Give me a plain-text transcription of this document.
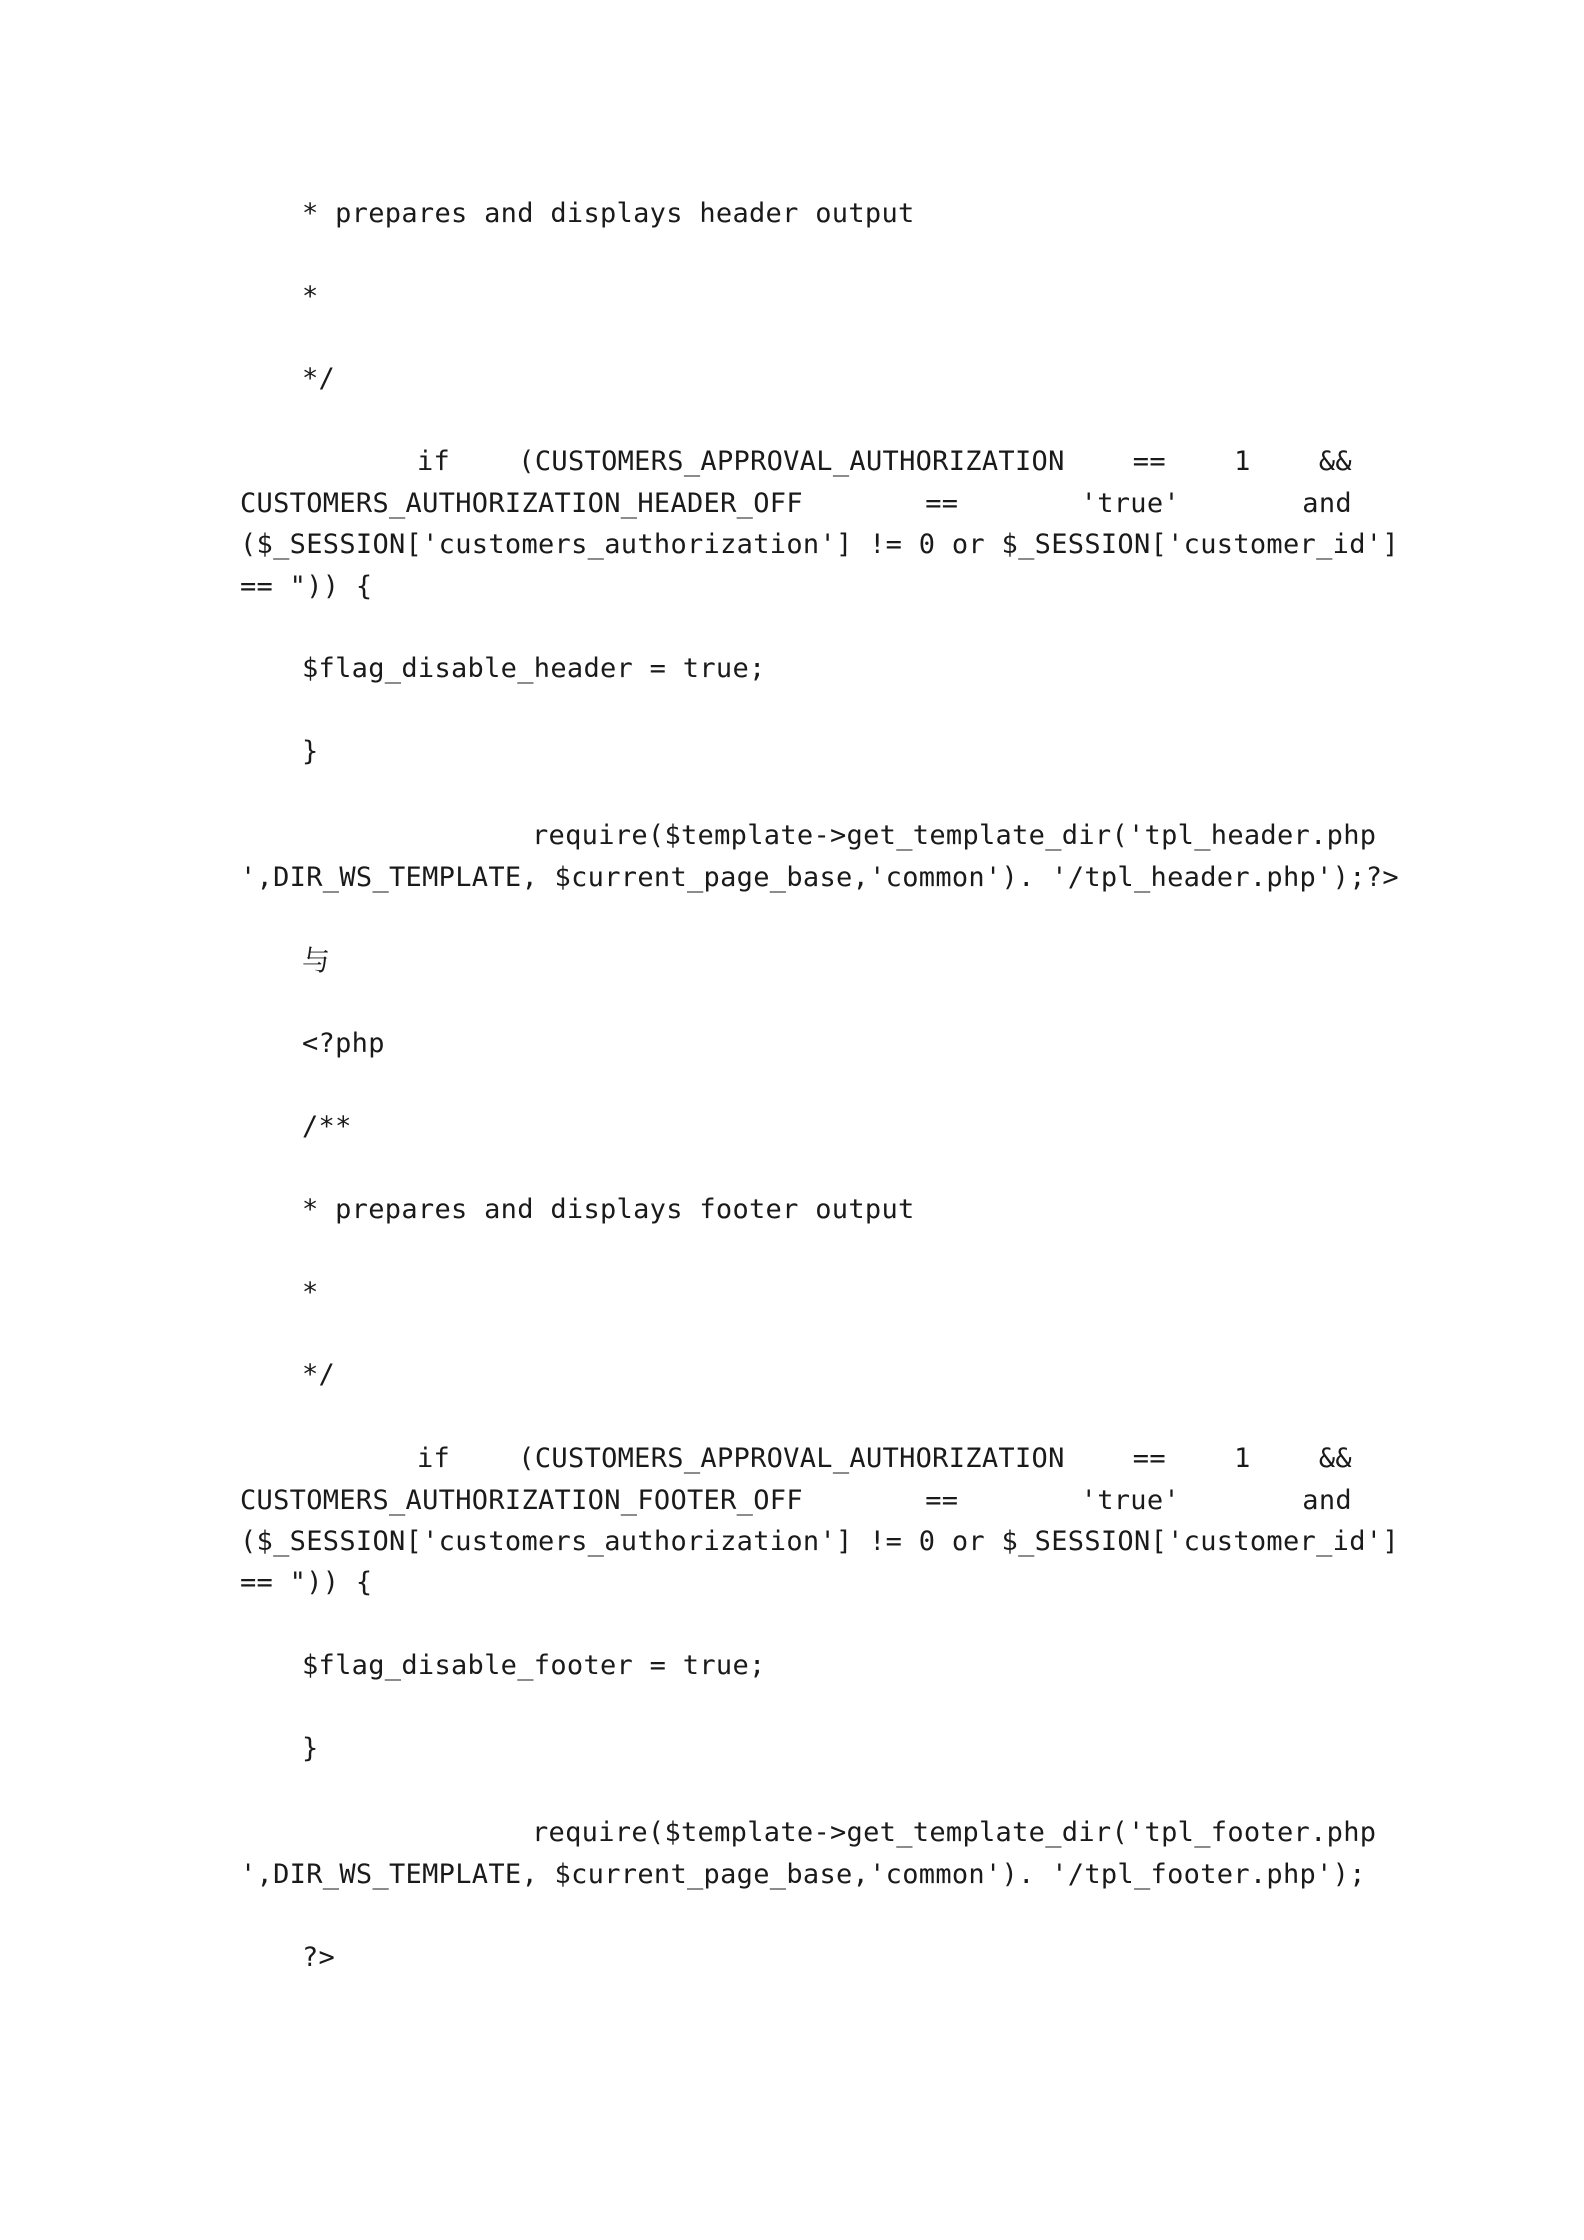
* prepares and displays header output
*
*/
if	(CUSTOMERS_APPROVAL_AUTHORIZATION	==	1	&&
CUSTOMERS_AUTHORIZATION_HEADER_OFF	==	'true'	and
($_SESSION['customers_authorization'] != 0 or $_SESSION['customer_id']
== ")) {
$flag_disable_header = true;
}
require($template->get_template_dir('tpl_header.php
',DIR_WS_TEMPLATE, $current_page_base,'common'). '/tpl_header.php');?>
与
<?php
/**
* prepares and displays footer output
*
*/
if	(CUSTOMERS_APPROVAL_AUTHORIZATION	==	1	&&
CUSTOMERS_AUTHORIZATION_FOOTER_OFF	==	'true'	and
($_SESSION['customers_authorization'] != 0 or $_SESSION['customer_id']
== ")) {
$flag_disable_footer = true;
}
require($template->get_template_dir('tpl_footer.php
',DIR_WS_TEMPLATE, $current_page_base,'common'). '/tpl_footer.php');
?>
